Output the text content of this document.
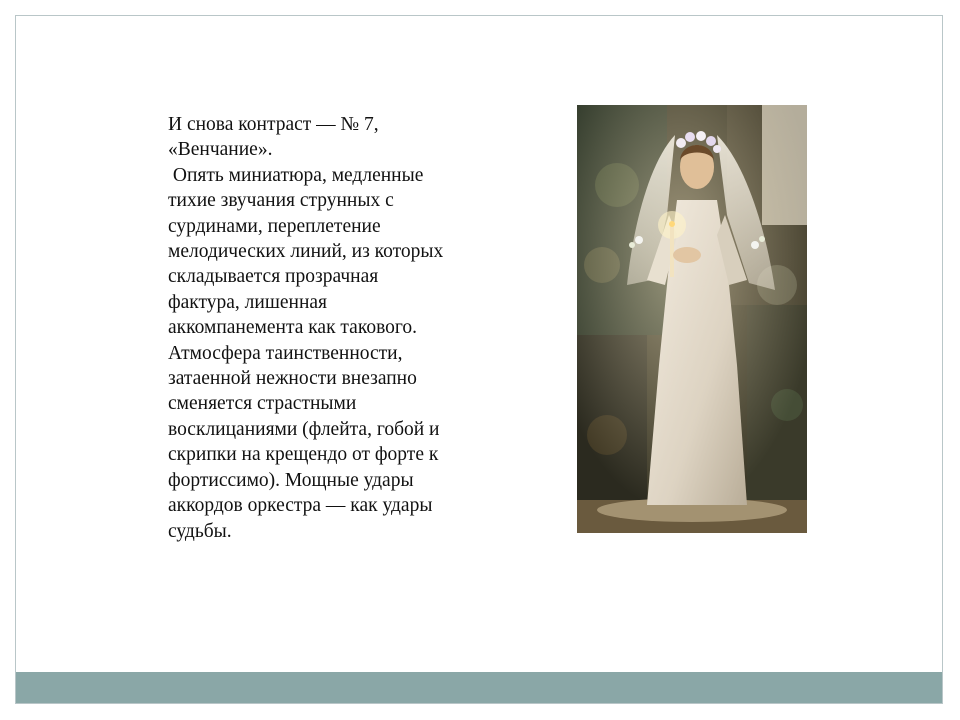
И снова контраст — № 7,

«Венчание».

Опять миниатюра, медленные

тихие звучания струнных с

сурдинами, переплетение

мелодических линий, из которых

складывается прозрачная

фактура, лишенная

аккомпанемента как такового.

Атмосфера таинственности,

затаенной нежности внезапно

сменяется страстными

восклицаниями (флейта, гобой и

скрипки на крещендо от форте к

фортиссимо). Мощные удары

аккордов оркестра — как удары

судьбы.
